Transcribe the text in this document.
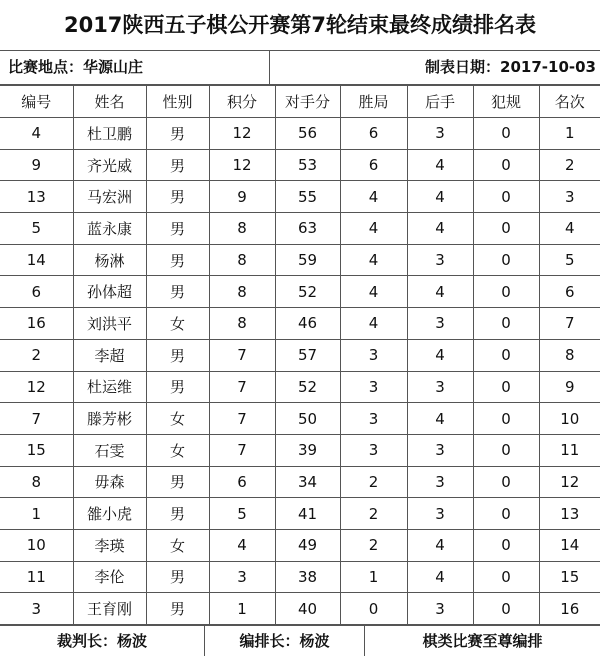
2017陕西五子棋公开赛第7轮结束最终成绩排名表
比赛地点：华源山庄	制表日期：2017-10-03
编号	姓名	性别	积分	对手分	胜局	后手	犯规	名次
4	杜卫鹏	男	12	56	6	3	0	1
9	齐光威	男	12	53	6	4	0	2
13	马宏洲	男	9	55	4	4	0	3
5	蓝永康	男	8	63	4	4	0	4
14	杨淋	男	8	59	4	3	0	5
6	孙体超	男	8	52	4	4	0	6
16	刘洪平	女	8	46	4	3	0	7
2	李超	男	7	57	3	4	0	8
12	杜运维	男	7	52	3	3	0	9
7	滕芳彬	女	7	50	3	4	0	10
15	石雯	女	7	39	3	3	0	11
8	毋森	男	6	34	2	3	0	12
1	雒小虎	男	5	41	2	3	0	13
10	李瑛	女	4	49	2	4	0	14
11	李伦	男	3	38	1	4	0	15
3	王育刚	男	1	40	0	3	0	16
裁判长：杨波	编排长：杨波	棋类比赛至尊编排
